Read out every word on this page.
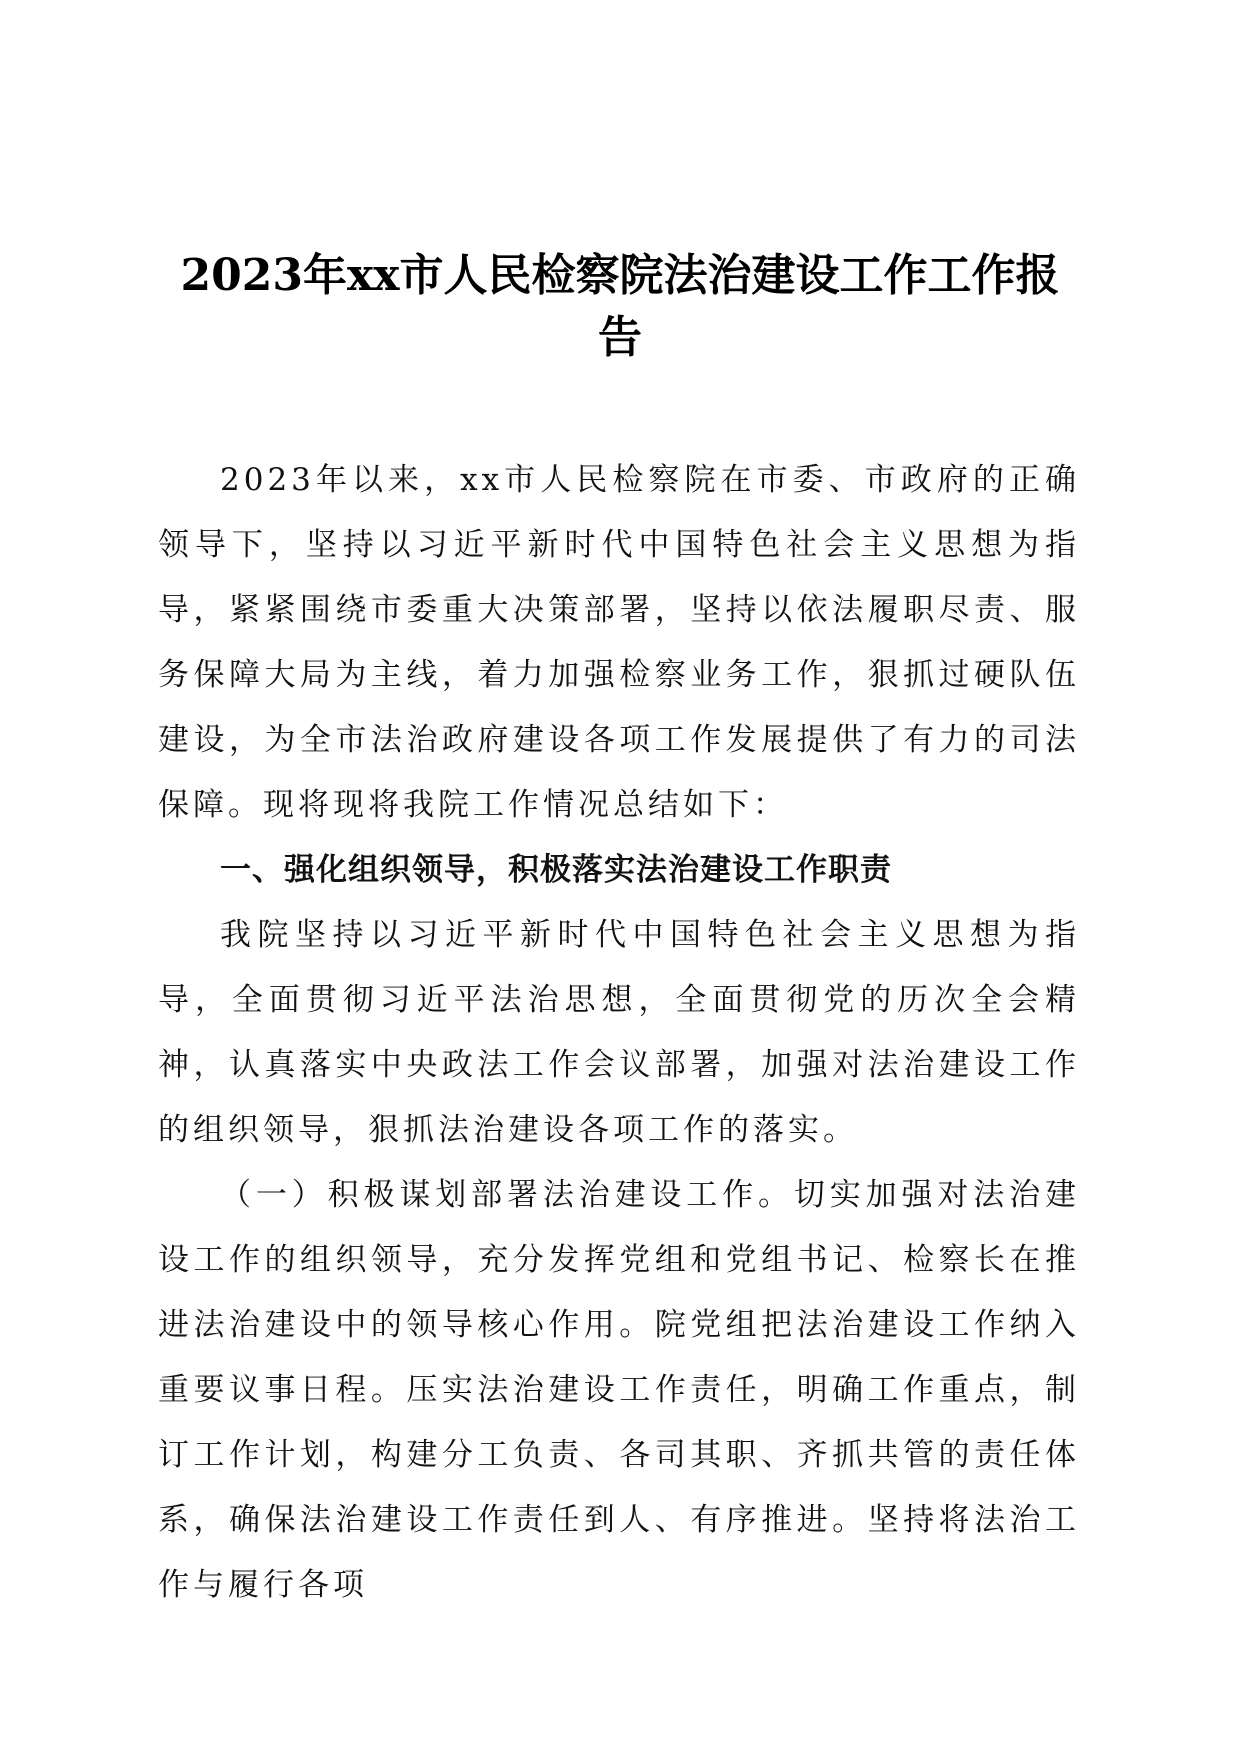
2023年xx市人民检察院法治建设工作工作报
告

2023年以来，xx市人民检察院在市委、市政府的正确领导下，坚持以习近平新时代中国特色社会主义思想为指导，紧紧围绕市委重大决策部署，坚持以依法履职尽责、服务保障大局为主线，着力加强检察业务工作，狠抓过硬队伍建设，为全市法治政府建设各项工作发展提供了有力的司法保障。现将现将我院工作情况总结如下：

一、强化组织领导，积极落实法治建设工作职责

我院坚持以习近平新时代中国特色社会主义思想为指导，全面贯彻习近平法治思想，全面贯彻党的历次全会精神，认真落实中央政法工作会议部署，加强对法治建设工作的组织领导，狠抓法治建设各项工作的落实。

（一）积极谋划部署法治建设工作。切实加强对法治建设工作的组织领导，充分发挥党组和党组书记、检察长在推进法治建设中的领导核心作用。院党组把法治建设工作纳入重要议事日程。压实法治建设工作责任，明确工作重点，制订工作计划，构建分工负责、各司其职、齐抓共管的责任体系，确保法治建设工作责任到人、有序推进。坚持将法治工作与履行各项
